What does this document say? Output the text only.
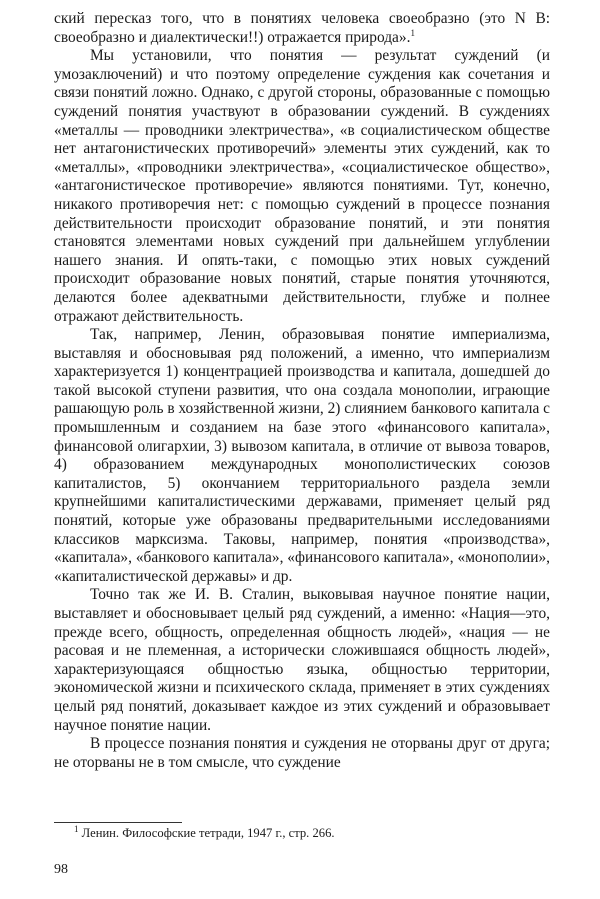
ский пересказ того, что в понятиях человека своеобразно (это N B: своеобразно и диалектически!!) отражается природа».$^1$

Мы установили, что понятия — результат суждений (и умозаключений) и что поэтому определение суждения как сочетания и связи понятий ложно. Однако, с другой стороны, образованные с помощью суждений понятия участвуют в образовании суждений. В суждениях «металлы — проводники электричества», «в социалистическом обществе нет антагонистических противоречий» элементы этих суждений, как то «металлы», «проводники электричества», «социалистическое общество», «антагонистическое противоречие» являются понятиями. Тут, конечно, никакого противоречия нет: с помощью суждений в процессе познания действительности происходит образование понятий, и эти понятия становятся элементами новых суждений при дальнейшем углублении нашего знания. И опять-таки, с помощью этих новых суждений происходит образование новых понятий, старые понятия уточняются, делаются более адекватными действительности, глубже и полнее отражают действительность.

Так, например, Ленин, образовывая понятие империализма, выставляя и обосновывая ряд положений, а именно, что империализм характеризуется 1) концентрацией производства и капитала, дошедшей до такой высокой ступени развития, что она создала монополии, играющие рашающую роль в хозяйственной жизни, 2) слиянием банкового капитала с промышленным и созданием на базе этого «финансового капитала», финансовой олигархии, 3) вывозом капитала, в отличие от вывоза товаров, 4) образованием международных монополистических союзов капиталистов, 5) окончанием территориального раздела земли крупнейшими капиталистическими державами, применяет целый ряд понятий, которые уже образованы предварительными исследованиями классиков марксизма. Таковы, например, понятия «производства», «капитала», «банкового капитала», «финансового капитала», «монополии», «капиталистической державы» и др.

Точно так же И. В. Сталин, выковывая научное понятие нации, выставляет и обосновывает целый ряд суждений, а именно: «Нация—это, прежде всего, общность, определенная общность людей», «нация — не расовая и не племенная, а исторически сложившаяся общность людей», характеризующаяся общностью языка, общностью территории, экономической жизни и психического склада, применяет в этих суждениях целый ряд понятий, доказывает каждое из этих суждений и образовывает научное понятие нации.

В процессе познания понятия и суждения не оторваны друг от друга; не оторваны не в том смысле, что суждение

$^1$ Ленин. Философские тетради, 1947 г., стр. 266.

98
